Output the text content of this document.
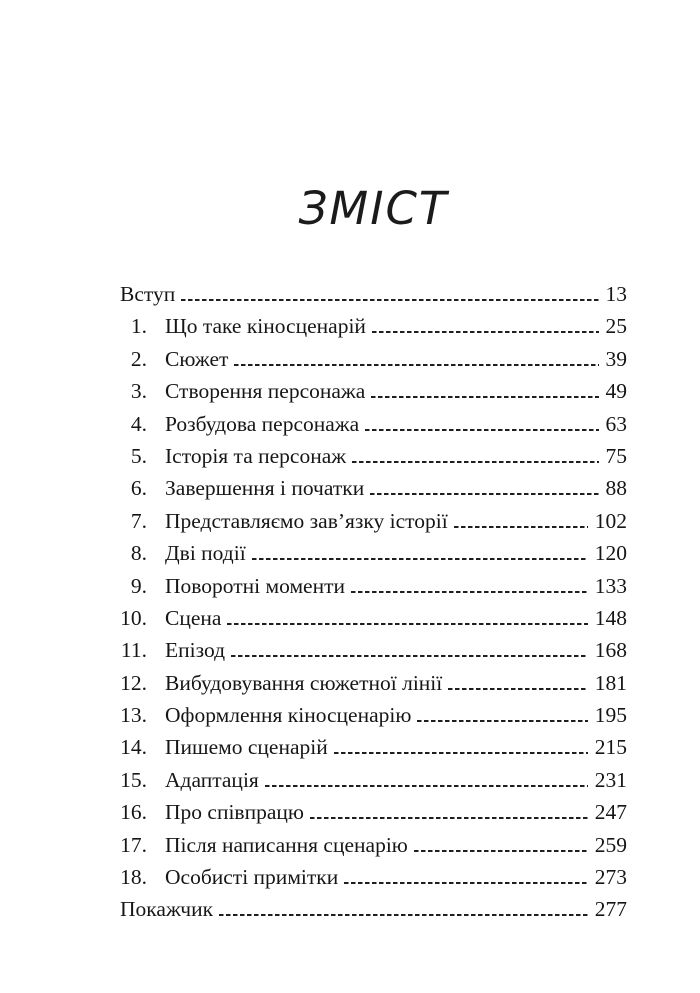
ЗМІСТ
Вступ	13
1. Що таке кіносценарій	25
2. Сюжет	39
3. Створення персонажа	49
4. Розбудова персонажа	63
5. Історія та персонаж	75
6. Завершення і початки	88
7. Представляємо зав’язку історії	102
8. Дві події	120
9. Поворотні моменти	133
10. Сцена	148
11. Епізод	168
12. Вибудовування сюжетної лінії	181
13. Оформлення кіносценарію	195
14. Пишемо сценарій	215
15. Адаптація	231
16. Про співпрацю	247
17. Після написання сценарію	259
18. Особисті примітки	273
Покажчик	277
